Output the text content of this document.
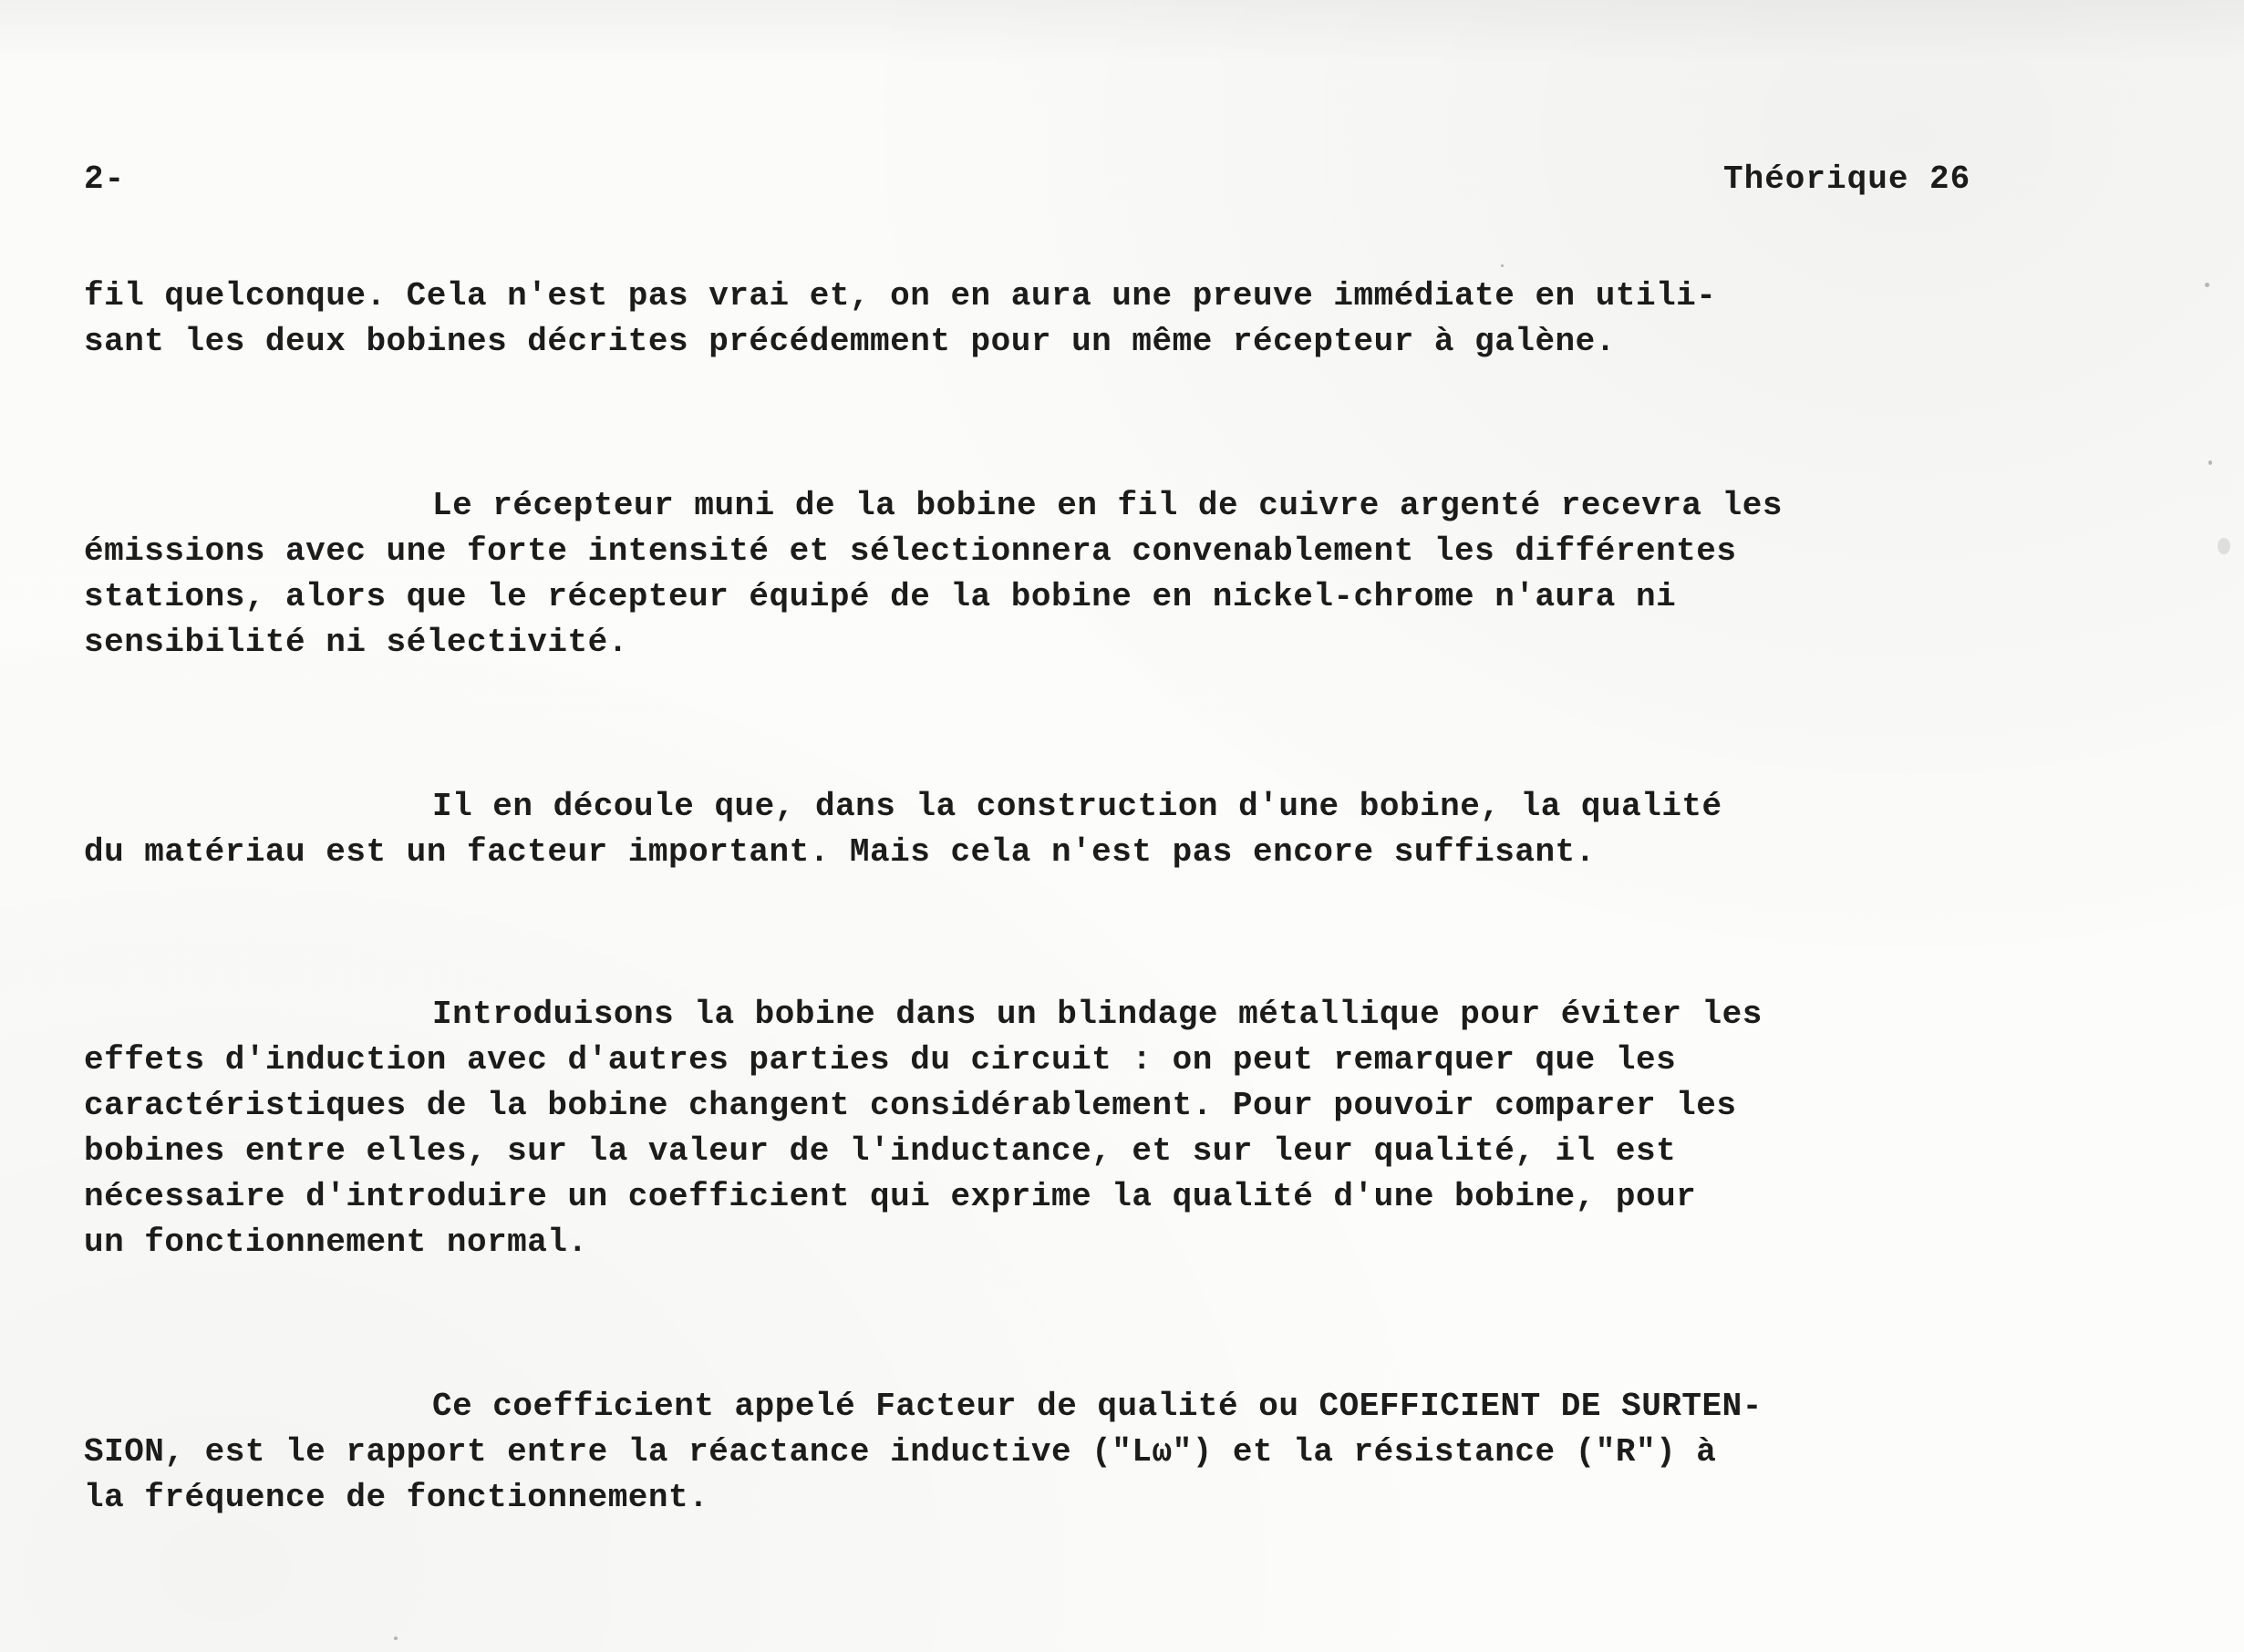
2-	Théorique 26
fil quelconque. Cela n'est pas vrai et, on en aura une preuve immédiate en utili-
sant les deux bobines décrites précédemment pour un même récepteur à galène.
Le récepteur muni de la bobine en fil de cuivre argenté recevra les
émissions avec une forte intensité et sélectionnera convenablement les différentes
stations, alors que le récepteur équipé de la bobine en nickel-chrome n'aura ni
sensibilité ni sélectivité.
Il en découle que, dans la construction d'une bobine, la qualité
du matériau est un facteur important. Mais cela n'est pas encore suffisant.
Introduisons la bobine dans un blindage métallique pour éviter les
effets d'induction avec d'autres parties du circuit : on peut remarquer que les
caractéristiques de la bobine changent considérablement. Pour pouvoir comparer les
bobines entre elles, sur la valeur de l'inductance, et sur leur qualité, il est
nécessaire d'introduire un coefficient qui exprime la qualité d'une bobine, pour
un fonctionnement normal.
Ce coefficient appelé Facteur de qualité ou COEFFICIENT DE SURTEN-
SION, est le rapport entre la réactance inductive ("Lω") et la résistance ("R") à
la fréquence de fonctionnement.
